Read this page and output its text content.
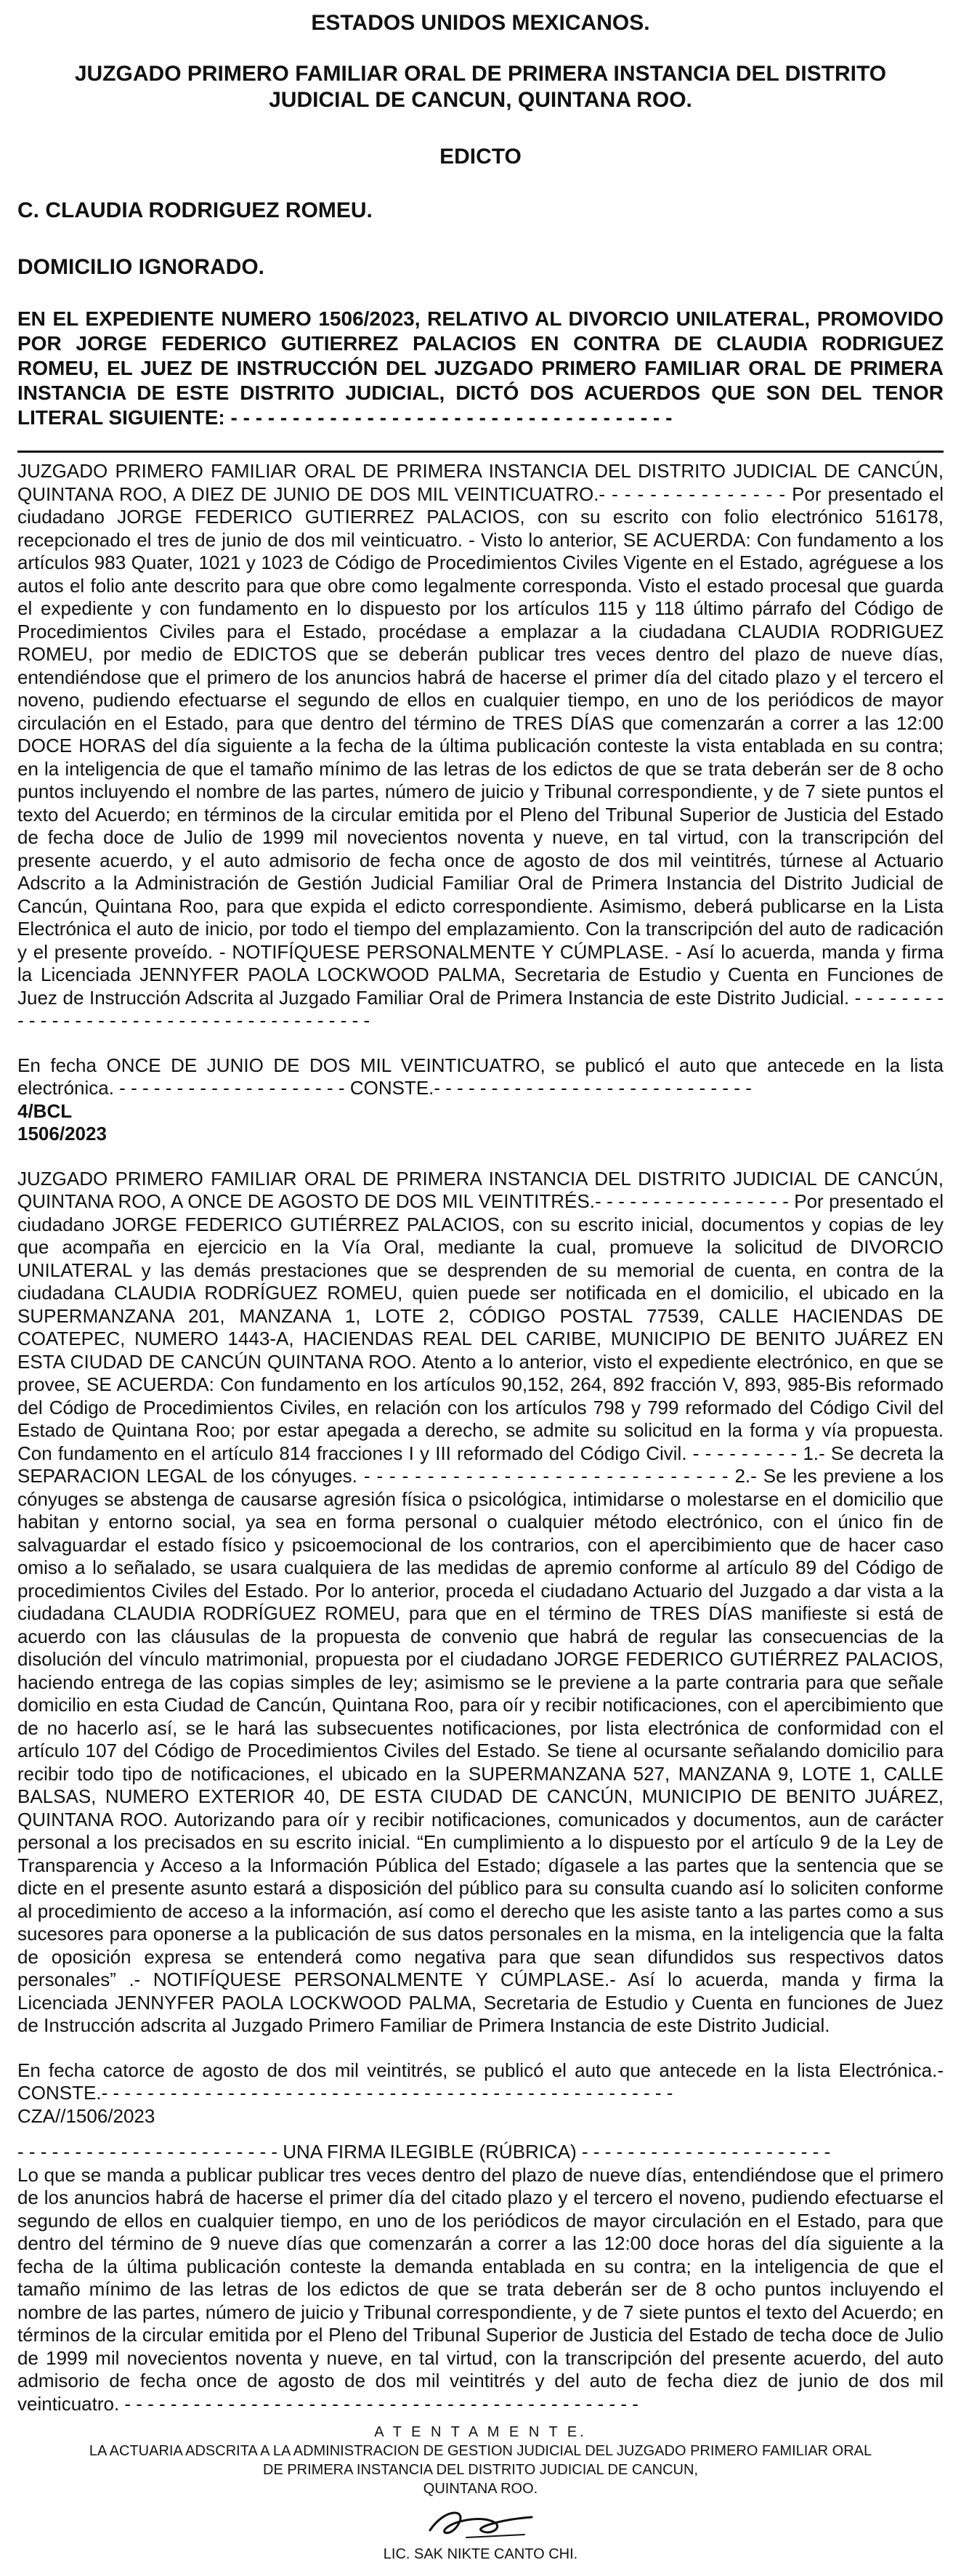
ESTADOS UNIDOS MEXICANOS.

JUZGADO PRIMERO FAMILIAR ORAL DE PRIMERA INSTANCIA DEL DISTRITO

JUDICIAL DE CANCUN, QUINTANA ROO.

EDICTO

C. CLAUDIA RODRIGUEZ ROMEU.

DOMICILIO IGNORADO.

EN EL EXPEDIENTE NUMERO 1506/2023, RELATIVO AL DIVORCIO UNILATERAL, PROMOVIDO POR JORGE FEDERICO GUTIERREZ PALACIOS EN CONTRA DE CLAUDIA RODRIGUEZ ROMEU, EL JUEZ DE INSTRUCCIÓN DEL JUZGADO PRIMERO FAMILIAR ORAL DE PRIMERA INSTANCIA DE ESTE DISTRITO JUDICIAL, DICTÓ DOS ACUERDOS QUE SON DEL TENOR LITERAL SIGUIENTE: - - - - - - - - - - - - - - - - - - - - - - - - - - - - - - - - - - - -

JUZGADO PRIMERO FAMILIAR ORAL DE PRIMERA INSTANCIA DEL DISTRITO JUDICIAL DE CANCÚN, QUINTANA ROO, A DIEZ DE JUNIO DE DOS MIL VEINTICUATRO.- - - - - - - - - - - - - - - Por presentado el ciudadano JORGE FEDERICO GUTIERREZ PALACIOS, con su escrito con folio electrónico 516178, recepcionado el tres de junio de dos mil veinticuatro. - Visto lo anterior, SE ACUERDA: Con fundamento a los artículos 983 Quater, 1021 y 1023 de Código de Procedimientos Civiles Vigente en el Estado, agréguese a los autos el folio ante descrito para que obre como legalmente corresponda. Visto el estado procesal que guarda el expediente y con fundamento en lo dispuesto por los artículos 115 y 118 último párrafo del Código de Procedimientos Civiles para el Estado, procédase a emplazar a la ciudadana CLAUDIA RODRIGUEZ ROMEU, por medio de EDICTOS que se deberán publicar tres veces dentro del plazo de nueve días, entendiéndose que el primero de los anuncios habrá de hacerse el primer día del citado plazo y el tercero el noveno, pudiendo efectuarse el segundo de ellos en cualquier tiempo, en uno de los periódicos de mayor circulación en el Estado, para que dentro del término de TRES DÍAS que comenzarán a correr a las 12:00 DOCE HORAS del día siguiente a la fecha de la última publicación conteste la vista entablada en su contra; en la inteligencia de que el tamaño mínimo de las letras de los edictos de que se trata deberán ser de 8 ocho puntos incluyendo el nombre de las partes, número de juicio y Tribunal correspondiente, y de 7 siete puntos el texto del Acuerdo; en términos de la circular emitida por el Pleno del Tribunal Superior de Justicia del Estado de fecha doce de Julio de 1999 mil novecientos noventa y nueve, en tal virtud, con la transcripción del presente acuerdo, y el auto admisorio de fecha once de agosto de dos mil veintitrés, túrnese al Actuario Adscrito a la Administración de Gestión Judicial Familiar Oral de Primera Instancia del Distrito Judicial de Cancún, Quintana Roo, para que expida el edicto correspondiente. Asimismo, deberá publicarse en la Lista Electrónica el auto de inicio, por todo el tiempo del emplazamiento. Con la transcripción del auto de radicación y el presente proveído. - NOTIFÍQUESE PERSONALMENTE Y CÚMPLASE. - Así lo acuerda, manda y firma la Licenciada JENNYFER PAOLA LOCKWOOD PALMA, Secretaria de Estudio y Cuenta en Funciones de Juez de Instrucción Adscrita al Juzgado Familiar Oral de Primera Instancia de este Distrito Judicial. - - - - - - - - - - - - - - - - - - - - - - - - - - - - - - - - - - - - - - -

En fecha ONCE DE JUNIO DE DOS MIL VEINTICUATRO, se publicó el auto que antecede en la lista electrónica. - - - - - - - - - - - - - - - - - - - - CONSTE.- - - - - - - - - - - - - - - - - - - - - - - - - - - -

4/BCL

1506/2023

JUZGADO PRIMERO FAMILIAR ORAL DE PRIMERA INSTANCIA DEL DISTRITO JUDICIAL DE CANCÚN, QUINTANA ROO, A ONCE DE AGOSTO DE DOS MIL VEINTITRÉS.- - - - - - - - - - - - - - - - - Por presentado el ciudadano JORGE FEDERICO GUTIÉRREZ PALACIOS, con su escrito inicial, documentos y copias de ley que acompaña en ejercicio en la Vía Oral, mediante la cual, promueve la solicitud de DIVORCIO UNILATERAL y las demás prestaciones que se desprenden de su memorial de cuenta, en contra de la ciudadana CLAUDIA RODRÍGUEZ ROMEU, quien puede ser notificada en el domicilio, el ubicado en la SUPERMANZANA 201, MANZANA 1, LOTE 2, CÓDIGO POSTAL 77539, CALLE HACIENDAS DE COATEPEC, NUMERO 1443-A, HACIENDAS REAL DEL CARIBE, MUNICIPIO DE BENITO JUÁREZ EN ESTA CIUDAD DE CANCÚN QUINTANA ROO. Atento a lo anterior, visto el expediente electrónico, en que se provee, SE ACUERDA: Con fundamento en los artículos 90,152, 264, 892 fracción V, 893, 985-Bis reformado del Código de Procedimientos Civiles, en relación con los artículos 798 y 799 reformado del Código Civil del Estado de Quintana Roo; por estar apegada a derecho, se admite su solicitud en la forma y vía propuesta. Con fundamento en el artículo 814 fracciones I y III reformado del Código Civil. - - - - - - - - - 1.- Se decreta la SEPARACION LEGAL de los cónyuges. - - - - - - - - - - - - - - - - - - - - - - - - - - - - - 2.- Se les previene a los cónyuges se abstenga de causarse agresión física o psicológica, intimidarse o molestarse en el domicilio que habitan y entorno social, ya sea en forma personal o cualquier método electrónico, con el único fin de salvaguardar el estado físico y psicoemocional de los contrarios, con el apercibimiento que de hacer caso omiso a lo señalado, se usara cualquiera de las medidas de apremio conforme al artículo 89 del Código de procedimientos Civiles del Estado. Por lo anterior, proceda el ciudadano Actuario del Juzgado a dar vista a la ciudadana CLAUDIA RODRÍGUEZ ROMEU, para que en el término de TRES DÍAS manifieste si está de acuerdo con las cláusulas de la propuesta de convenio que habrá de regular las consecuencias de la disolución del vínculo matrimonial, propuesta por el ciudadano JORGE FEDERICO GUTIÉRREZ PALACIOS, haciendo entrega de las copias simples de ley; asimismo se le previene a la parte contraria para que señale domicilio en esta Ciudad de Cancún, Quintana Roo, para oír y recibir notificaciones, con el apercibimiento que de no hacerlo así, se le hará las subsecuentes notificaciones, por lista electrónica de conformidad con el artículo 107 del Código de Procedimientos Civiles del Estado. Se tiene al ocursante señalando domicilio para recibir todo tipo de notificaciones, el ubicado en la SUPERMANZANA 527, MANZANA 9, LOTE 1, CALLE BALSAS, NUMERO EXTERIOR 40, DE ESTA CIUDAD DE CANCÚN, MUNICIPIO DE BENITO JUÁREZ, QUINTANA ROO. Autorizando para oír y recibir notificaciones, comunicados y documentos, aun de carácter personal a los precisados en su escrito inicial. “En cumplimiento a lo dispuesto por el artículo 9 de la Ley de Transparencia y Acceso a la Información Pública del Estado; dígasele a las partes que la sentencia que se dicte en el presente asunto estará a disposición del público para su consulta cuando así lo soliciten conforme al procedimiento de acceso a la información, así como el derecho que les asiste tanto a las partes como a sus sucesores para oponerse a la publicación de sus datos personales en la misma, en la inteligencia que la falta de oposición expresa se entenderá como negativa para que sean difundidos sus respectivos datos personales” .- NOTIFÍQUESE PERSONALMENTE Y CÚMPLASE.- Así lo acuerda, manda y firma la Licenciada JENNYFER PAOLA LOCKWOOD PALMA, Secretaria de Estudio y Cuenta en funciones de Juez de Instrucción adscrita al Juzgado Primero Familiar de Primera Instancia de este Distrito Judicial.

En fecha catorce de agosto de dos mil veintitrés, se publicó el auto que antecede en la lista Electrónica.- CONSTE.- - - - - - - - - - - - - - - - - - - - - - - - - - - - - - - - - - - - - - - - - - - - - - - - - -

CZA//1506/2023

- - - - - - - - - - - - - - - - - - - - - - - UNA FIRMA ILEGIBLE (RÚBRICA) - - - - - - - - - - - - - - - - - - - - - -

Lo que se manda a publicar publicar tres veces dentro del plazo de nueve días, entendiéndose que el primero de los anuncios habrá de hacerse el primer día del citado plazo y el tercero el noveno, pudiendo efectuarse el segundo de ellos en cualquier tiempo, en uno de los periódicos de mayor circulación en el Estado, para que dentro del término de 9 nueve días que comenzarán a correr a las 12:00 doce horas del día siguiente a la fecha de la última publicación conteste la demanda entablada en su contra; en la inteligencia de que el tamaño mínimo de las letras de los edictos de que se trata deberán ser de 8 ocho puntos incluyendo el nombre de las partes, número de juicio y Tribunal correspondiente, y de 7 siete puntos el texto del Acuerdo; en términos de la circular emitida por el Pleno del Tribunal Superior de Justicia del Estado de techa doce de Julio de 1999 mil novecientos noventa y nueve, en tal virtud, con la transcripción del presente acuerdo, del auto admisorio de fecha once de agosto de dos mil veintitrés y del auto de fecha diez de junio de dos mil veinticuatro. - - - - - - - - - - - - - - - - - - - - - - - - - - - - - - - - - - - - - - - - - - - - -

A T E N T A M E N T E.
LA ACTUARIA ADSCRITA A LA ADMINISTRACION DE GESTION JUDICIAL DEL JUZGADO PRIMERO FAMILIAR ORAL
DE PRIMERA INSTANCIA DEL DISTRITO JUDICIAL DE CANCUN,
QUINTANA ROO.
LIC. SAK NIKTE CANTO CHI.
